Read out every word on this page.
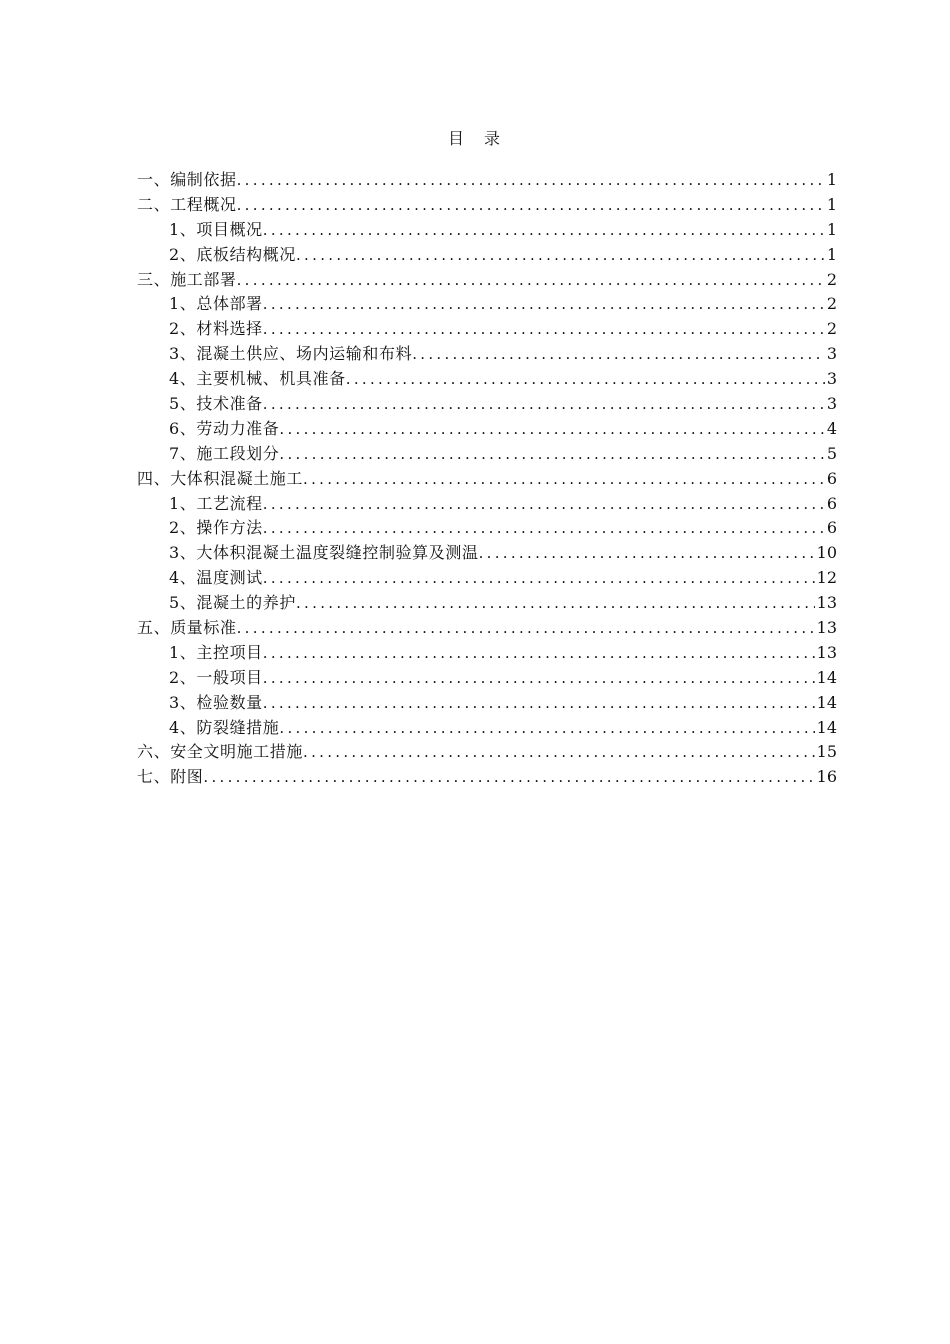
目　录
一、编制依据 .....	1
二、工程概况 .....	1
1、项目概况 .....	1
2、底板结构概况 .....	1
三、施工部署 .....	2
1、总体部署 .....	2
2、材料选择 .....	2
3、混凝土供应、场内运输和布料 .....	3
4、主要机械、机具准备 .....	3
5、技术准备 .....	3
6、劳动力准备 .....	4
7、施工段划分 .....	5
四、大体积混凝土施工 .....	6
1、工艺流程 .....	6
2、操作方法 .....	6
3、大体积混凝土温度裂缝控制验算及测温 .....	10
4、温度测试 .....	12
5、混凝土的养护 .....	13
五、质量标准 .....	13
1、主控项目 .....	13
2、一般项目 .....	14
3、检验数量 .....	14
4、防裂缝措施 .....	14
六、安全文明施工措施 .....	15
七、附图 .....	16
